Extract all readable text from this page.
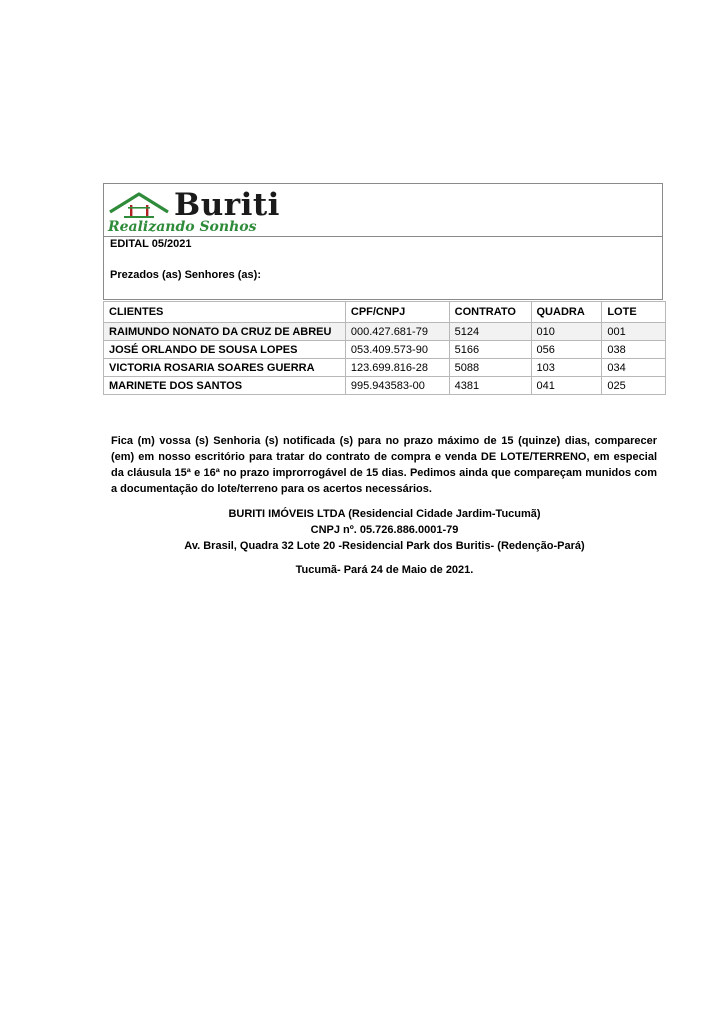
Buriti
Realizando Sonhos
EDITAL 05/2021
Prezados (as) Senhores (as):
CLIENTES	CPF/CNPJ	CONTRATO	QUADRA	LOTE
RAIMUNDO NONATO DA CRUZ DE ABREU	000.427.681-79	5124	010	001
JOSÉ ORLANDO DE SOUSA LOPES	053.409.573-90	5166	056	038
VICTORIA ROSARIA SOARES GUERRA	123.699.816-28	5088	103	034
MARINETE DOS SANTOS	995.943583-00	4381	041	025
Fica (m) vossa (s) Senhoria (s) notificada (s) para no prazo máximo de 15 (quinze) dias, comparecer (em) em nosso escritório para tratar do contrato de compra e venda DE LOTE/TERRENO, em especial da cláusula 15ª e 16ª no prazo improrrogável de 15 dias. Pedimos ainda que compareçam munidos com a documentação do lote/terreno para os acertos necessários.
BURITI IMÓVEIS LTDA (Residencial Cidade Jardim-Tucumã)
CNPJ nº. 05.726.886.0001-79
Av. Brasil, Quadra 32 Lote 20 -Residencial Park dos Buritis- (Redenção-Pará)
Tucumã- Pará 24 de Maio de 2021.
